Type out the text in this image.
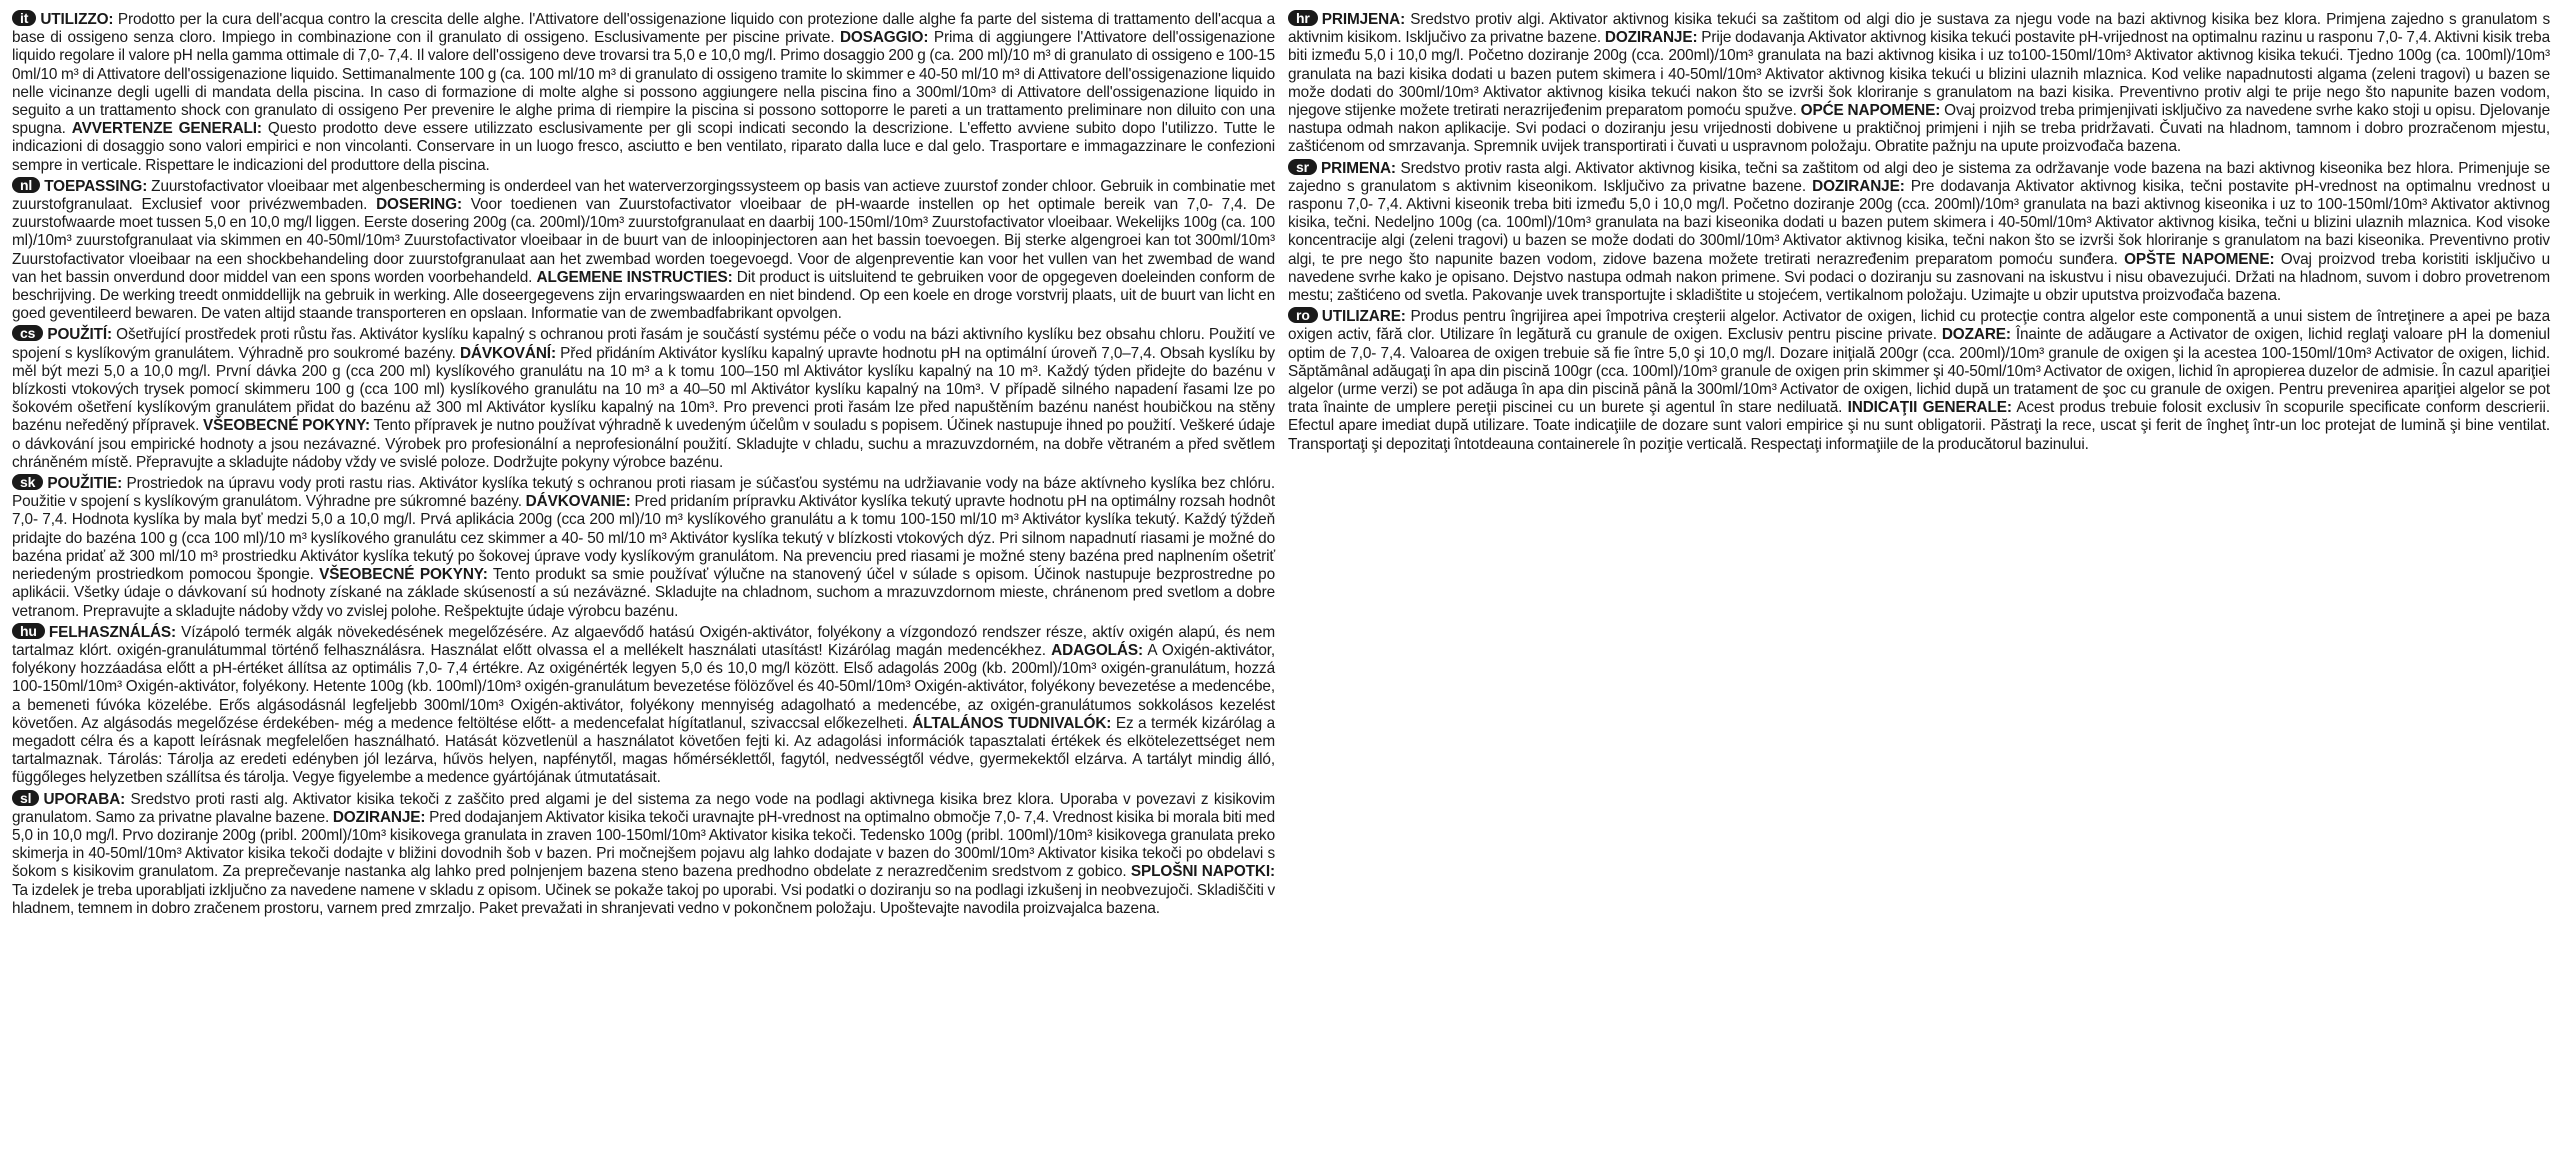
it UTILIZZO: Prodotto per la cura dell'acqua contro la crescita delle alghe. l'Attivatore dell'ossigenazione liquido con protezione dalle alghe fa parte del sistema di trattamento dell'acqua a base di ossigeno senza cloro. Impiego in combinazione con il granulato di ossigeno. Esclusivamente per piscine private. DOSAGGIO: Prima di aggiungere l'Attivatore dell'ossigenazione liquido regolare il valore pH nella gamma ottimale di 7,0- 7,4. Il valore dell'ossigeno deve trovarsi tra 5,0 e 10,0 mg/l. Primo dosaggio 200 g (ca. 200 ml)/10 m³ di granulato di ossigeno e 100-15 0ml/10 m³ di Attivatore dell'ossigenazione liquido. Settimanalmente 100 g (ca. 100 ml/10 m³ di granulato di ossigeno tramite lo skimmer e 40-50 ml/10 m³ di Attivatore dell'ossigenazione liquido nelle vicinanze degli ugelli di mandata della piscina. In caso di formazione di molte alghe si possono aggiungere nella piscina fino a 300ml/10m³ di Attivatore dell'ossigenazione liquido in seguito a un trattamento shock con granulato di ossigeno Per prevenire le alghe prima di riempire la piscina si possono sottoporre le pareti a un trattamento preliminare non diluito con una spugna. AVVERTENZE GENERALI: Questo prodotto deve essere utilizzato esclusivamente per gli scopi indicati secondo la descrizione. L'effetto avviene subito dopo l'utilizzo. Tutte le indicazioni di dosaggio sono valori empirici e non vincolanti. Conservare in un luogo fresco, asciutto e ben ventilato, riparato dalla luce e dal gelo. Trasportare e immagazzinare le confezioni sempre in verticale. Rispettare le indicazioni del produttore della piscina.

nl TOEPASSING: Zuurstofactivator vloeibaar met algenbescherming is onderdeel van het waterverzorgingssysteem op basis van actieve zuurstof zonder chloor. Gebruik in combinatie met zuurstofgranulaat. Exclusief voor privézwembaden. DOSERING: Voor toedienen van Zuurstofactivator vloeibaar de pH-waarde instellen op het optimale bereik van 7,0- 7,4. De zuurstofwaarde moet tussen 5,0 en 10,0 mg/l liggen. Eerste dosering 200g (ca. 200ml)/10m³ zuurstofgranulaat en daarbij 100-150ml/10m³ Zuurstofactivator vloeibaar. Wekelijks 100g (ca. 100 ml)/10m³ zuurstofgranulaat via skimmen en 40-50ml/10m³ Zuurstofactivator vloeibaar in de buurt van de inloopinjectoren aan het bassin toevoegen. Bij sterke algengroei kan tot 300ml/10m³ Zuurstofactivator vloeibaar na een shockbehandeling door zuurstofgranulaat aan het zwembad worden toegevoegd. Voor de algenpreventie kan voor het vullen van het zwembad de wand van het bassin onverdund door middel van een spons worden voorbehandeld. ALGEMENE INSTRUCTIES: Dit product is uitsluitend te gebruiken voor de opgegeven doeleinden conform de beschrijving. De werking treedt onmiddellijk na gebruik in werking. Alle doseergegevens zijn ervaringswaarden en niet bindend. Op een koele en droge vorstvrij plaats, uit de buurt van licht en goed geventileerd bewaren. De vaten altijd staande transporteren en opslaan. Informatie van de zwembadfabrikant opvolgen.

cs POUŽITÍ: Ošetřující prostředek proti růstu řas. Aktivátor kyslíku kapalný s ochranou proti řasám je součástí systému péče o vodu na bázi aktivního kyslíku bez obsahu chloru. Použití ve spojení s kyslíkovým granulátem. Výhradně pro soukromé bazény. DÁVKOVÁNÍ: Před přidáním Aktivátor kyslíku kapalný upravte hodnotu pH na optimální úroveň 7,0–7,4. Obsah kyslíku by měl být mezi 5,0 a 10,0 mg/l. První dávka 200 g (cca 200 ml) kyslíkového granulátu na 10 m³ a k tomu 100–150 ml Aktivátor kyslíku kapalný na 10 m³. Každý týden přidejte do bazénu v blízkosti vtokových trysek pomocí skimmeru 100 g (cca 100 ml) kyslíkového granulátu na 10 m³ a 40–50 ml Aktivátor kyslíku kapalný na 10m³. V případě silného napadení řasami lze po šokovém ošetření kyslíkovým granulátem přidat do bazénu až 300 ml Aktivátor kyslíku kapalný na 10m³. Pro prevenci proti řasám lze před napuštěním bazénu nanést houbičkou na stěny bazénu neředěný přípravek. VŠEOBECNÉ POKYNY: Tento přípravek je nutno používat výhradně k uvedeným účelům v souladu s popisem. Účinek nastupuje ihned po použití. Veškeré údaje o dávkování jsou empirické hodnoty a jsou nezávazné. Výrobek pro profesionální a neprofesionální použití. Skladujte v chladu, suchu a mrazuvzdorném, na dobře větraném a před světlem chráněném místě. Přepravujte a skladujte nádoby vždy ve svislé poloze. Dodržujte pokyny výrobce bazénu.

sk POUŽITIE: Prostriedok na úpravu vody proti rastu rias. Aktivátor kyslíka tekutý s ochranou proti riasam je súčasťou systému na udržiavanie vody na báze aktívneho kyslíka bez chlóru. Použitie v spojení s kyslíkovým granulátom. Výhradne pre súkromné bazény. DÁVKOVANIE: Pred pridaním prípravku Aktivátor kyslíka tekutý upravte hodnotu pH na optimálny rozsah hodnôt 7,0- 7,4. Hodnota kyslíka by mala byť medzi 5,0 a 10,0 mg/l. Prvá aplikácia 200g (cca 200 ml)/10 m³ kyslíkového granulátu a k tomu 100-150 ml/10 m³ Aktivátor kyslíka tekutý. Každý týždeň pridajte do bazéna 100 g (cca 100 ml)/10 m³ kyslíkového granulátu cez skimmer a 40- 50 ml/10 m³ Aktivátor kyslíka tekutý v blízkosti vtokových dýz. Pri silnom napadnutí riasami je možné do bazéna pridať až 300 ml/10 m³ prostriedku Aktivátor kyslíka tekutý po šokovej úprave vody kyslíkovým granulátom. Na prevenciu pred riasami je možné steny bazéna pred naplnením ošetriť neriedeným prostriedkom pomocou špongie. VŠEOBECNÉ POKYNY: Tento produkt sa smie používať výlučne na stanovený účel v súlade s opisom. Účinok nastupuje bezprostredne po aplikácii. Všetky údaje o dávkovaní sú hodnoty získané na základe skúseností a sú nezáväzné. Skladujte na chladnom, suchom a mrazuvzdornom mieste, chránenom pred svetlom a dobre vetranom. Prepravujte a skladujte nádoby vždy vo zvislej polohe. Rešpektujte údaje výrobcu bazénu.

hu FELHASZNÁLÁS: Vízápoló termék algák növekedésének megelőzésére. Az algaevődő hatású Oxigén-aktivátor, folyékony a vízgondozó rendszer része, aktív oxigén alapú, és nem tartalmaz klórt. oxigén-granulátummal történő felhasználásra. Használat előtt olvassa el a mellékelt használati utasítást! Kizárólag magán medencékhez. ADAGOLÁS: A Oxigén-aktivátor, folyékony hozzáadása előtt a pH-értéket állítsa az optimális 7,0- 7,4 értékre. Az oxigénérték legyen 5,0 és 10,0 mg/l között. Első adagolás 200g (kb. 200ml)/10m³ oxigén-granulátum, hozzá 100-150ml/10m³ Oxigén-aktivátor, folyékony. Hetente 100g (kb. 100ml)/10m³ oxigén-granulátum bevezetése fölözővel és 40-50ml/10m³ Oxigén-aktivátor, folyékony bevezetése a medencébe, a bemeneti fúvóka közelébe. Erős algásodásnál legfeljebb 300ml/10m³ Oxigén-aktivátor, folyékony mennyiség adagolható a medencébe, az oxigén-granulátumos sokkolásos kezelést követően. Az algásodás megelőzése érdekében- még a medence feltöltése előtt- a medencefalat hígítatlanul, szivaccsal előkezelheti. ÁLTALÁNOS TUDNIVALÓK: Ez a termék kizárólag a megadott célra és a kapott leírásnak megfelelően használható. Hatását közvetlenül a használatot követően fejti ki. Az adagolási információk tapasztalati értékek és elkötelezettséget nem tartalmaznak. Tárolás: Tárolja az eredeti edényben jól lezárva, hűvös helyen, napfénytől, magas hőmérséklettől, fagytól, nedvességtől védve, gyermekektől elzárva. A tartályt mindig álló, függőleges helyzetben szállítsa és tárolja. Vegye figyelembe a medence gyártójának útmutatásait.

sl UPORABA: Sredstvo proti rasti alg. Aktivator kisika tekoči z zaščito pred algami je del sistema za nego vode na podlagi aktivnega kisika brez klora. Uporaba v povezavi z kisikovim granulatom. Samo za privatne plavalne bazene. DOZIRANJE: Pred dodajanjem Aktivator kisika tekoči uravnajte pH-vrednost na optimalno območje 7,0- 7,4. Vrednost kisika bi morala biti med 5,0 in 10,0 mg/l. Prvo doziranje 200g (pribl. 200ml)/10m³ kisikovega granulata in zraven 100-150ml/10m³ Aktivator kisika tekoči. Tedensko 100g (pribl. 100ml)/10m³ kisikovega granulata preko skimerja in 40-50ml/10m³ Aktivator kisika tekoči dodajte v bližini dovodnih šob v bazen. Pri močnejšem pojavu alg lahko dodajate v bazen do 300ml/10m³ Aktivator kisika tekoči po obdelavi s šokom s kisikovim granulatom. Za preprečevanje nastanka alg lahko pred polnjenjem bazena steno bazena predhodno obdelate z nerazredčenim sredstvom z gobico. SPLOŠNI NAPOTKI: Ta izdelek je treba uporabljati izključno za navedene namene v skladu z opisom. Učinek se pokaže takoj po uporabi. Vsi podatki o doziranju so na podlagi izkušenj in neobvezujoči. Skladiščiti v hladnem, temnem in dobro zračenem prostoru, varnem pred zmrzaljo. Paket prevažati in shranjevati vedno v pokončnem položaju. Upoštevajte navodila proizvajalca bazena.

hr PRIMJENA: Sredstvo protiv algi. Aktivator aktivnog kisika tekući sa zaštitom od algi dio je sustava za njegu vode na bazi aktivnog kisika bez klora. Primjena zajedno s granulatom s aktivnim kisikom. Isključivo za privatne bazene. DOZIRANJE: Prije dodavanja Aktivator aktivnog kisika tekući postavite pH-vrijednost na optimalnu razinu u rasponu 7,0- 7,4. Aktivni kisik treba biti između 5,0 i 10,0 mg/l. Početno doziranje 200g (cca. 200ml)/10m³ granulata na bazi aktivnog kisika i uz to100-150ml/10m³ Aktivator aktivnog kisika tekući. Tjedno 100g (ca. 100ml)/10m³ granulata na bazi kisika dodati u bazen putem skimera i 40-50ml/10m³ Aktivator aktivnog kisika tekući u blizini ulaznih mlaznica. Kod velike napadnutosti algama (zeleni tragovi) u bazen se može dodati do 300ml/10m³ Aktivator aktivnog kisika tekući nakon što se izvrši šok kloriranje s granulatom na bazi kisika. Preventivno protiv algi te prije nego što napunite bazen vodom, njegove stijenke možete tretirati nerazrijeđenim preparatom pomoću spužve. OPĆE NAPOMENE: Ovaj proizvod treba primjenjivati isključivo za navedene svrhe kako stoji u opisu. Djelovanje nastupa odmah nakon aplikacije. Svi podaci o doziranju jesu vrijednosti dobivene u praktičnoj primjeni i njih se treba pridržavati. Čuvati na hladnom, tamnom i dobro prozračenom mjestu, zaštićenom od smrzavanja. Spremnik uvijek transportirati i čuvati u uspravnom položaju. Obratite pažnju na upute proizvođača bazena.

sr PRIMENA: Sredstvo protiv rasta algi. Aktivator aktivnog kisika, tečni sa zaštitom od algi deo je sistema za održavanje vode bazena na bazi aktivnog kiseonika bez hlora. Primenjuje se zajedno s granulatom s aktivnim kiseonikom. Isključivo za privatne bazene. DOZIRANJE: Pre dodavanja Aktivator aktivnog kisika, tečni postavite pH-vrednost na optimalnu vrednost u rasponu 7,0- 7,4. Aktivni kiseonik treba biti između 5,0 i 10,0 mg/l. Početno doziranje 200g (cca. 200ml)/10m³ granulata na bazi aktivnog kiseonika i uz to 100-150ml/10m³ Aktivator aktivnog kisika, tečni. Nedeljno 100g (ca. 100ml)/10m³ granulata na bazi kiseonika dodati u bazen putem skimera i 40-50ml/10m³ Aktivator aktivnog kisika, tečni u blizini ulaznih mlaznica. Kod visoke koncentracije algi (zeleni tragovi) u bazen se može dodati do 300ml/10m³ Aktivator aktivnog kisika, tečni nakon što se izvrši šok hloriranje s granulatom na bazi kiseonika. Preventivno protiv algi, te pre nego što napunite bazen vodom, zidove bazena možete tretirati nerazređenim preparatom pomoću sunđera. OPŠTE NAPOMENE: Ovaj proizvod treba koristiti isključivo u navedene svrhe kako je opisano. Dejstvo nastupa odmah nakon primene. Svi podaci o doziranju su zasnovani na iskustvu i nisu obavezujući. Držati na hladnom, suvom i dobro provetrenom mestu; zaštićeno od svetla. Pakovanje uvek transportujte i skladištite u stojećem, vertikalnom položaju. Uzimajte u obzir uputstva proizvođača bazena.

ro UTILIZARE: Produs pentru îngrijirea apei împotriva creşterii algelor. Activator de oxigen, lichid cu protecţie contra algelor este componentă a unui sistem de întreţinere a apei pe baza oxigen activ, fără clor. Utilizare în legătură cu granule de oxigen. Exclusiv pentru piscine private. DOZARE: Înainte de adăugare a Activator de oxigen, lichid reglaţi valoare pH la domeniul optim de 7,0- 7,4. Valoarea de oxigen trebuie să fie între 5,0 şi 10,0 mg/l. Dozare iniţială 200gr (cca. 200ml)/10m³ granule de oxigen şi la acestea 100-150ml/10m³ Activator de oxigen, lichid. Săptămânal adăugaţi în apa din piscină 100gr (cca. 100ml)/10m³ granule de oxigen prin skimmer şi 40-50ml/10m³ Activator de oxigen, lichid în apropierea duzelor de admisie. În cazul apariţiei algelor (urme verzi) se pot adăuga în apa din piscină până la 300ml/10m³ Activator de oxigen, lichid după un tratament de şoc cu granule de oxigen. Pentru prevenirea apariţiei algelor se pot trata înainte de umplere pereţii piscinei cu un burete şi agentul în stare nediluată. INDICAŢII GENERALE: Acest produs trebuie folosit exclusiv în scopurile specificate conform descrierii. Efectul apare imediat după utilizare. Toate indicaţiile de dozare sunt valori empirice şi nu sunt obligatorii. Păstraţi la rece, uscat şi ferit de îngheţ într-un loc protejat de lumină şi bine ventilat. Transportaţi şi depozitaţi întotdeauna containerele în poziţie verticală. Respectaţi informaţiile de la producătorul bazinului.
